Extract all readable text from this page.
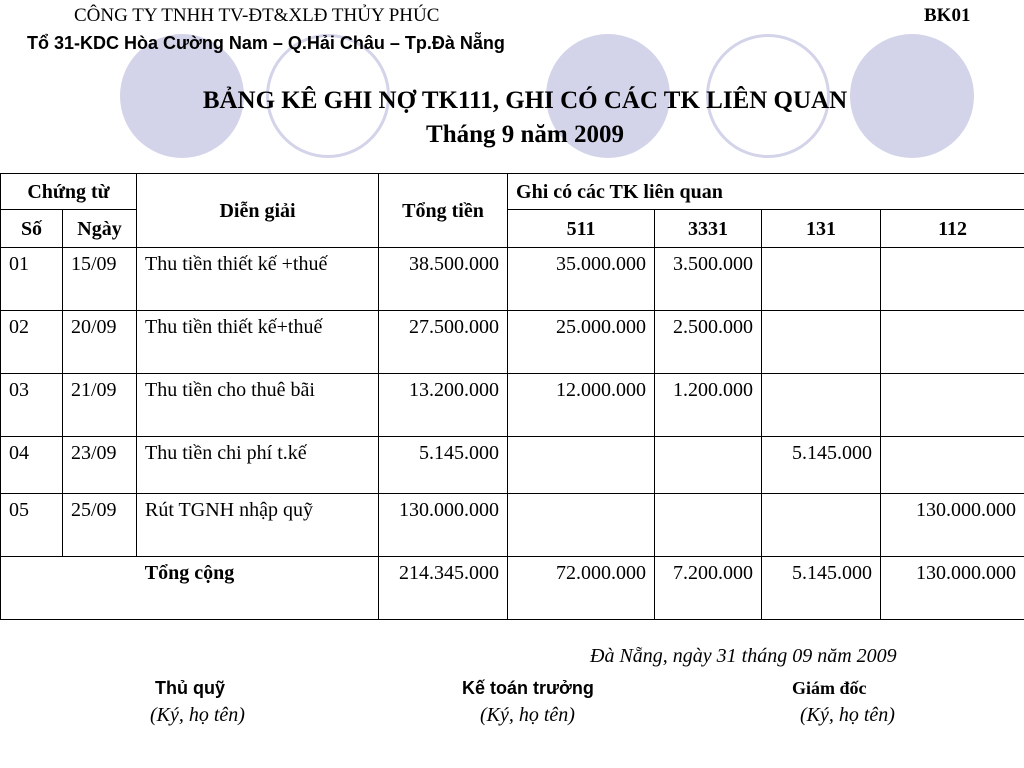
CÔNG TY TNHH TV-ĐT&XLĐ THỦY PHÚC	BK01
Tổ 31-KDC Hòa Cường Nam – Q.Hải Châu – Tp.Đà Nẵng
BẢNG KÊ GHI NỢ TK111, GHI CÓ CÁC TK LIÊN QUAN
Tháng 9 năm 2009
Chứng từ		Diễn giải	Tổng tiền	Ghi có các TK liên quan			
Số	Ngày			511	3331	131	112
01	15/09	Thu tiền thiết kế +thuế	38.500.000	35.000.000	3.500.000		
02	20/09	Thu tiền thiết kế+thuế	27.500.000	25.000.000	2.500.000		
03	21/09	Thu tiền cho thuê bãi	13.200.000	12.000.000	1.200.000		
04	23/09	Thu tiền chi phí t.kế	5.145.000			5.145.000	
05	25/09	Rút TGNH nhập quỹ	130.000.000				130.000.000
Tổng cộng			214.345.000	72.000.000	7.200.000	5.145.000	130.000.000
Đà Nẵng, ngày 31 tháng 09 năm 2009
Thủ quỹ	Kế toán trưởng	Giám đốc
(Ký, họ tên)	(Ký, họ tên)	(Ký, họ tên)
